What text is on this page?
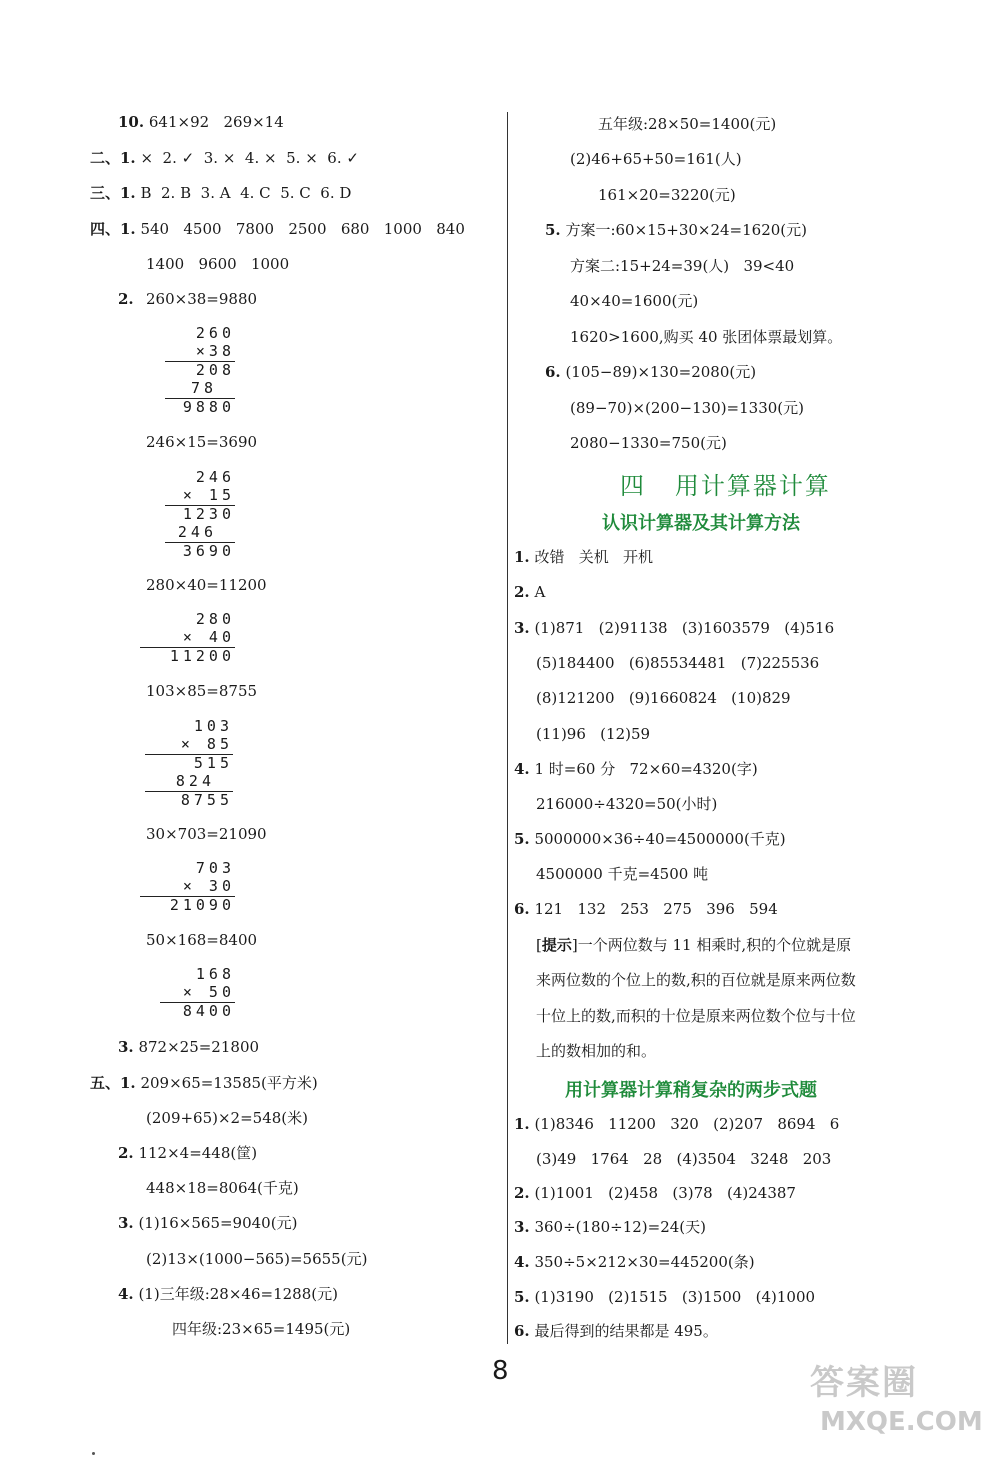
10. 641×92   269×14
二、1. ×  2. ✓  3. ×  4. ×  5. ×  6. ✓
三、1. B  2. B  3. A  4. C  5. C  6. D
四、1. 540   4500   7800   2500   680   1000   840
1400   9600   1000
2. 260×38=9880
260
×38
208
78
9880
246×15=3690
246
× 15
1230
246
3690
280×40=11200
280
× 40
11200
103×85=8755
103
× 85
515
824
8755
30×703=21090
703
× 30
21090
50×168=8400
168
× 50
8400
3. 872×25=21800
五、1. 209×65=13585(平方米)
(209+65)×2=548(米)
2. 112×4=448(筐)
448×18=8064(千克)
3. (1)16×565=9040(元)
(2)13×(1000−565)=5655(元)
4. (1)三年级:28×46=1288(元)
四年级:23×65=1495(元)
五年级:28×50=1400(元)
(2)46+65+50=161(人)
161×20=3220(元)
5. 方案一:60×15+30×24=1620(元)
方案二:15+24=39(人)   39<40
40×40=1600(元)
1620>1600,购买 40 张团体票最划算。
6. (105−89)×130=2080(元)
(89−70)×(200−130)=1330(元)
2080−1330=750(元)
四   用计算器计算
认识计算器及其计算方法
1. 改错   关机   开机
2. A
3. (1)871   (2)91138   (3)1603579   (4)516
(5)184400   (6)85534481   (7)225536
(8)121200   (9)1660824   (10)829
(11)96   (12)59
4. 1 时=60 分   72×60=4320(字)
216000÷4320=50(小时)
5. 5000000×36÷40=4500000(千克)
4500000 千克=4500 吨
6. 121   132   253   275   396   594
[提示]一个两位数与 11 相乘时,积的个位就是原
来两位数的个位上的数,积的百位就是原来两位数
十位上的数,而积的十位是原来两位数个位与十位
上的数相加的和。
用计算器计算稍复杂的两步式题
1. (1)8346   11200   320   (2)207   8694   6
(3)49   1764   28   (4)3504   3248   203
2. (1)1001   (2)458   (3)78   (4)24387
3. 360÷(180÷12)=24(天)
4. 350÷5×212×30=445200(条)
5. (1)3190   (2)1515   (3)1500   (4)1000
6. 最后得到的结果都是 495。
8	答案圈
MXQE.COM
